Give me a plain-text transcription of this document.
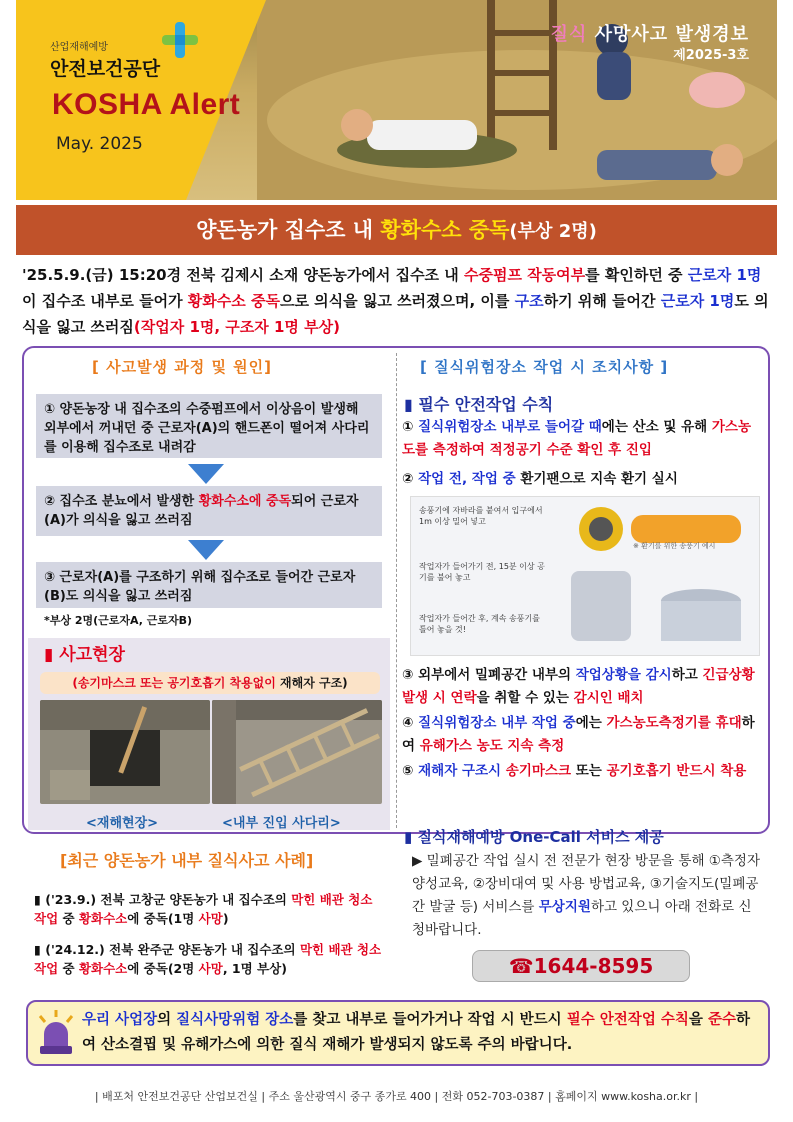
산업재해예방
안전보건공단
KOSHA Alert
May. 2025
질식 사망사고 발생경보
제2025-3호
양돈농가 집수조 내 황화수소 중독(부상 2명)
'25.5.9.(금) 15:20경 전북 김제시 소재 양돈농가에서 집수조 내 수중펌프 작동여부를 확인하던 중 근로자 1명이 집수조 내부로 들어가 황화수소 중독으로 의식을 잃고 쓰러졌으며, 이를 구조하기 위해 들어간 근로자 1명도 의식을 잃고 쓰러짐(작업자 1명, 구조자 1명 부상)
[ 사고발생 과정 및 원인]
① 양돈농장 내 집수조의 수중펌프에서 이상음이 발생해 외부에서 꺼내던 중 근로자(A)의 핸드폰이 떨어져 사다리를 이용해 집수조로 내려감
② 집수조 분뇨에서 발생한 황화수소에 중독되어 근로자(A)가 의식을 잃고 쓰러짐
③ 근로자(A)를 구조하기 위해 집수조로 들어간 근로자(B)도 의식을 잃고 쓰러짐
*부상 2명(근로자A, 근로자B)
▮ 사고현장
(송기마스크 또는 공기호흡기 착용없이 재해자 구조)
<재해현장>	<내부 진입 사다리>
[최근 양돈농가 내부 질식사고 사례]
▮ ('23.9.) 전북 고창군 양돈농가 내 집수조의 막힌 배관 청소작업 중 황화수소에 중독(1명 사망)
▮ ('24.12.) 전북 완주군 양돈농가 내 집수조의 막힌 배관 청소작업 중 황화수소에 중독(2명 사망, 1명 부상)
[ 질식위험장소 작업 시 조치사항 ]
▮ 필수 안전작업 수칙
① 질식위험장소 내부로 들어갈 때에는 산소 및 유해 가스농도를 측정하여 적정공기 수준 확인 후 진입
② 작업 전, 작업 중 환기팬으로 지속 환기 실시
송풍기에 자바라를 붙여서 입구에서 1m 이상 밀어 넣고
작업자가 들어가기 전, 15분 이상 공기를 불어 놓고
작업자가 들어간 후, 계속 송풍기를 틀어 놓을 것!
※ 환기를 위한 송풍기 예시
③ 외부에서 밀폐공간 내부의 작업상황을 감시하고 긴급상황 발생 시 연락을 취할 수 있는 감시인 배치
④ 질식위험장소 내부 작업 중에는 가스농도측정기를 휴대하여 유해가스 농도 지속 측정
⑤ 재해자 구조시 송기마스크 또는 공기호흡기 반드시 착용
▮ 질식재해예방 One-Call 서비스 제공
▶ 밀폐공간 작업 실시 전 전문가 현장 방문을 통해 ①측정자 양성교육, ②장비대여 및 사용 방법교육, ③기술지도(밀폐공간 발굴 등) 서비스를 무상지원하고 있으니 아래 전화로 신청바랍니다.
☎1644-8595
우리 사업장의 질식사망위험 장소를 찾고 내부로 들어가거나 작업 시 반드시 필수 안전작업 수칙을 준수하여 산소결핍 및 유해가스에 의한 질식 재해가 발생되지 않도록 주의 바랍니다.
| 배포처 안전보건공단 산업보건실 | 주소 울산광역시 중구 종가로 400 | 전화 052-703-0387 | 홈페이지 www.kosha.or.kr |
